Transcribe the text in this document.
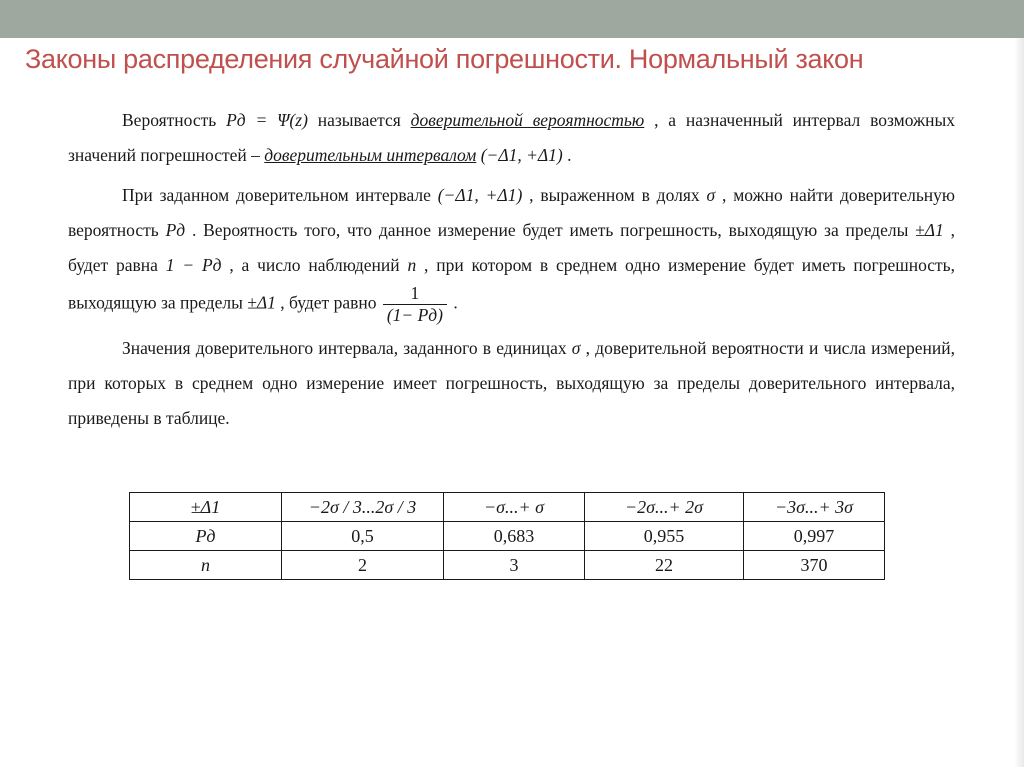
Законы распределения случайной погрешности. Нормальный закон

Вероятность Pд = Ψ(z) называется доверительной вероятностью , а назначенный интервал возможных значений погрешностей – доверительным интервалом (−Δ1, +Δ1) .

При заданном доверительном интервале (−Δ1, +Δ1) , выраженном в долях σ , можно найти доверительную вероятность Pд . Вероятность того, что данное измерение будет иметь погрешность, выходящую за пределы ±Δ1 , будет равна 1 − Pд , а число наблюдений n , при котором в среднем одно измерение будет иметь погрешность, выходящую за пределы ±Δ1 , будет равно $\frac{1}{(1- Pд)}$ .

Значения доверительного интервала, заданного в единицах σ , доверительной вероятности и числа измерений, при которых в среднем одно измерение имеет погрешность, выходящую за пределы доверительного интервала, приведены в таблице.

±Δ1	−2σ / 3...2σ / 3	−σ...+ σ	−2σ...+ 2σ	−3σ...+ 3σ
Pд	0,5	0,683	0,955	0,997
n	2	3	22	370
